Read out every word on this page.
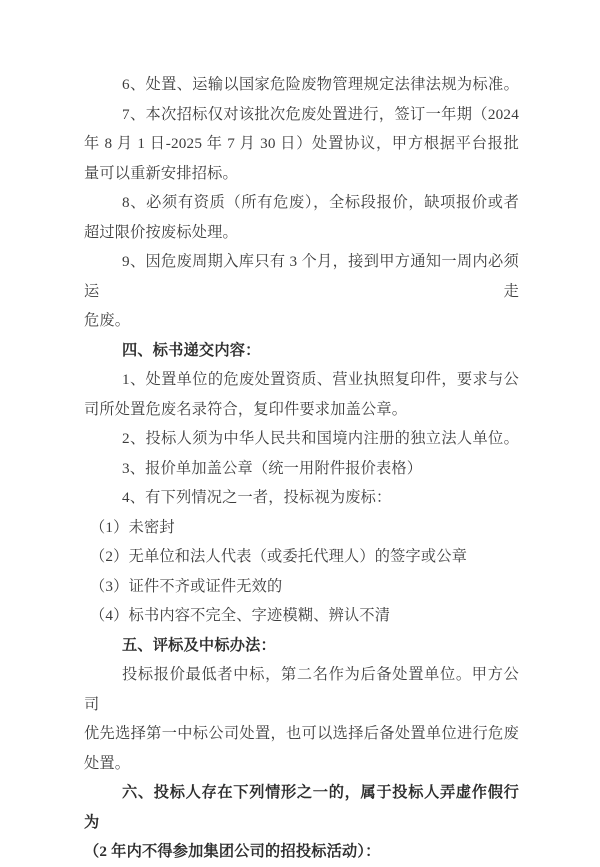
6、处置、运输以国家危险废物管理规定法律法规为标准。
7、本次招标仅对该批次危废处置进行，签订一年期（2024
年 8 月 1 日-2025 年 7 月 30 日）处置协议，甲方根据平台报批
量可以重新安排招标。
8、必须有资质（所有危废），全标段报价，缺项报价或者
超过限价按废标处理。
9、因危废周期入库只有 3 个月，接到甲方通知一周内必须运走
危废。
四、标书递交内容：
1、处置单位的危废处置资质、营业执照复印件，要求与公
司所处置危废名录符合，复印件要求加盖公章。
2、投标人须为中华人民共和国境内注册的独立法人单位。
3、报价单加盖公章（统一用附件报价表格）
4、有下列情况之一者，投标视为废标：
（1）未密封
（2）无单位和法人代表（或委托代理人）的签字或公章
（3）证件不齐或证件无效的
（4）标书内容不完全、字迹模糊、辨认不清
五、评标及中标办法：
投标报价最低者中标，第二名作为后备处置单位。甲方公司
优先选择第一中标公司处置，也可以选择后备处置单位进行危废
处置。
六、投标人存在下列情形之一的，属于投标人弄虚作假行为
（2 年内不得参加集团公司的招投标活动）：
